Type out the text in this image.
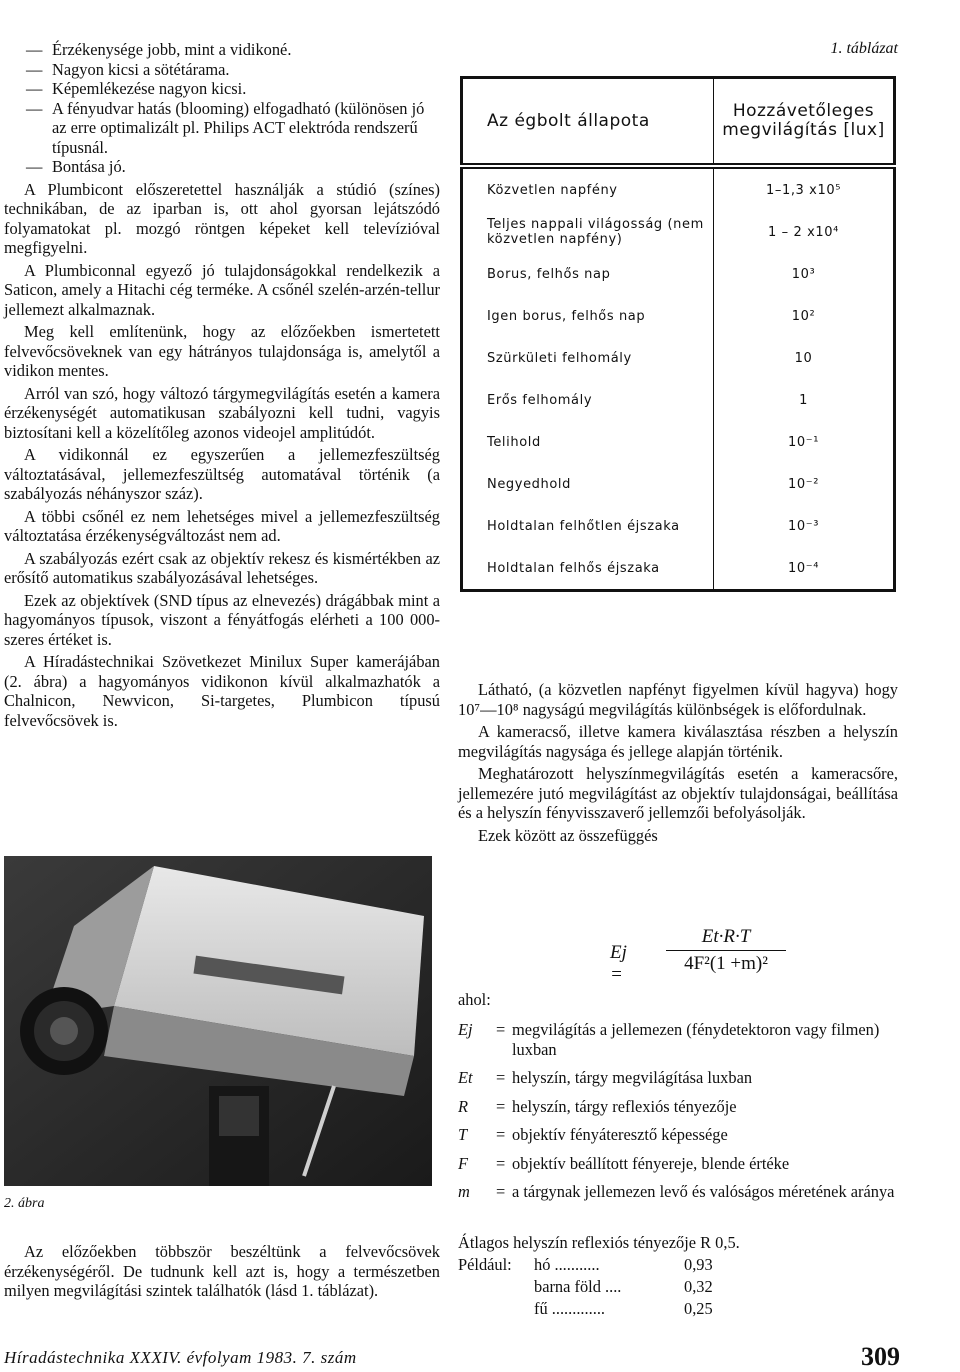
— Érzékenysége jobb, mint a vidikoné.
— Nagyon kicsi a sötétárama.
— Képemlékezése nagyon kicsi.
— A fényudvar hatás (blooming) elfogadható (különösen jó az erre optimalizált pl. Philips ACT elektróda rendszerű típusnál.
— Bontása jó.

A Plumbicont előszeretettel használják a stúdió (színes) technikában, de az iparban is, ott ahol gyorsan lejátszódó folyamatokat pl. mozgó röntgen képeket kell televízióval megfigyelni.

A Plumbiconnal egyező jó tulajdonságokkal rendelkezik a Saticon, amely a Hitachi cég terméke. A csőnél szelén-arzén-tellur jellemezt alkalmaznak.

Meg kell említenünk, hogy az előzőekben ismertetett felvevőcsöveknek van egy hátrányos tulajdonsága is, amelytől a vidikon mentes.

Arról van szó, hogy változó tárgymegvilágítás esetén a kamera érzékenységét automatikusan szabályozni kell tudni, vagyis biztosítani kell a közelítőleg azonos videojel amplitúdót.

A vidikonnál ez egyszerűen a jellemezfeszültség változtatásával, jellemezfeszültség automatával történik (a szabályozás néhányszor száz).

A többi csőnél ez nem lehetséges mivel a jellemezfeszültség változtatása érzékenységváltozást nem ad.

A szabályozás ezért csak az objektív rekesz és kismértékben az erősítő automatikus szabályozásával lehetséges.

Ezek az objektívek (SND típus az elnevezés) drágábbak mint a hagyományos típusok, viszont a fényátfogás elérheti a 100 000-szeres értéket is.

A Híradástechnikai Szövetkezet Minilux Super kamerájában (2. ábra) a hagyományos vidikonon kívül alkalmazhatók a Chalnicon, Newvicon, Si-targetes, Plumbicon típusú felvevőcsövek is.

2. ábra

Az előzőekben többször beszéltünk a felvevőcsövek érzékenységéről. De tudnunk kell azt is, hogy a természetben milyen megvilágítási szintek találhatók (lásd 1. táblázat).

1. táblázat
Az égbolt állapota	Hozzávetőleges megvilágítás [lux]
Közvetlen napfény	1–1,3 x10⁵
Teljes nappali világosság (nem közvetlen napfény)	1 – 2 x10⁴
Borus, felhős nap	10³
Igen borus, felhős nap	10²
Szürkületi felhomály	10
Erős felhomály	1
Telihold	10⁻¹
Negyedhold	10⁻²
Holdtalan felhőtlen éjszaka	10⁻³
Holdtalan felhős éjszaka	10⁻⁴

Látható, (a közvetlen napfényt figyelmen kívül hagyva) hogy 10⁷—10⁸ nagyságú megvilágítás különbségek is előfordulnak.

A kameracső, illetve kamera kiválasztása részben a helyszín megvilágítás nagysága és jellege alapján történik.

Meghatározott helyszínmegvilágítás esetén a kameracsőre, jellemezére jutó megvilágítást az objektív tulajdonságai, beállítása és a helyszín fényvisszaverő jellemzői befolyásolják.

Ezek között az összefüggés

$Ej = \frac{Et\cdot R\cdot T}{\text{4F²(1 +m)²}}$
ahol:
Ej	= megvilágítás a jellemezen (fénydetektoron vagy filmen) luxban
Et	= helyszín, tárgy megvilágítása luxban
R	= helyszín, tárgy reflexiós tényezője
T	= objektív fényáteresztő képessége
F	= objektív beállított fényereje, blende értéke
m	= a tárgynak jellemezen levő és valóságos méretének aránya
Átlagos helyszín reflexiós tényezője R 0,5.
Például:	hó ...........	0,93
barna föld ....	0,32
fű .............	0,25
Híradástechnika XXXIV. évfolyam 1983. 7. szám	309
